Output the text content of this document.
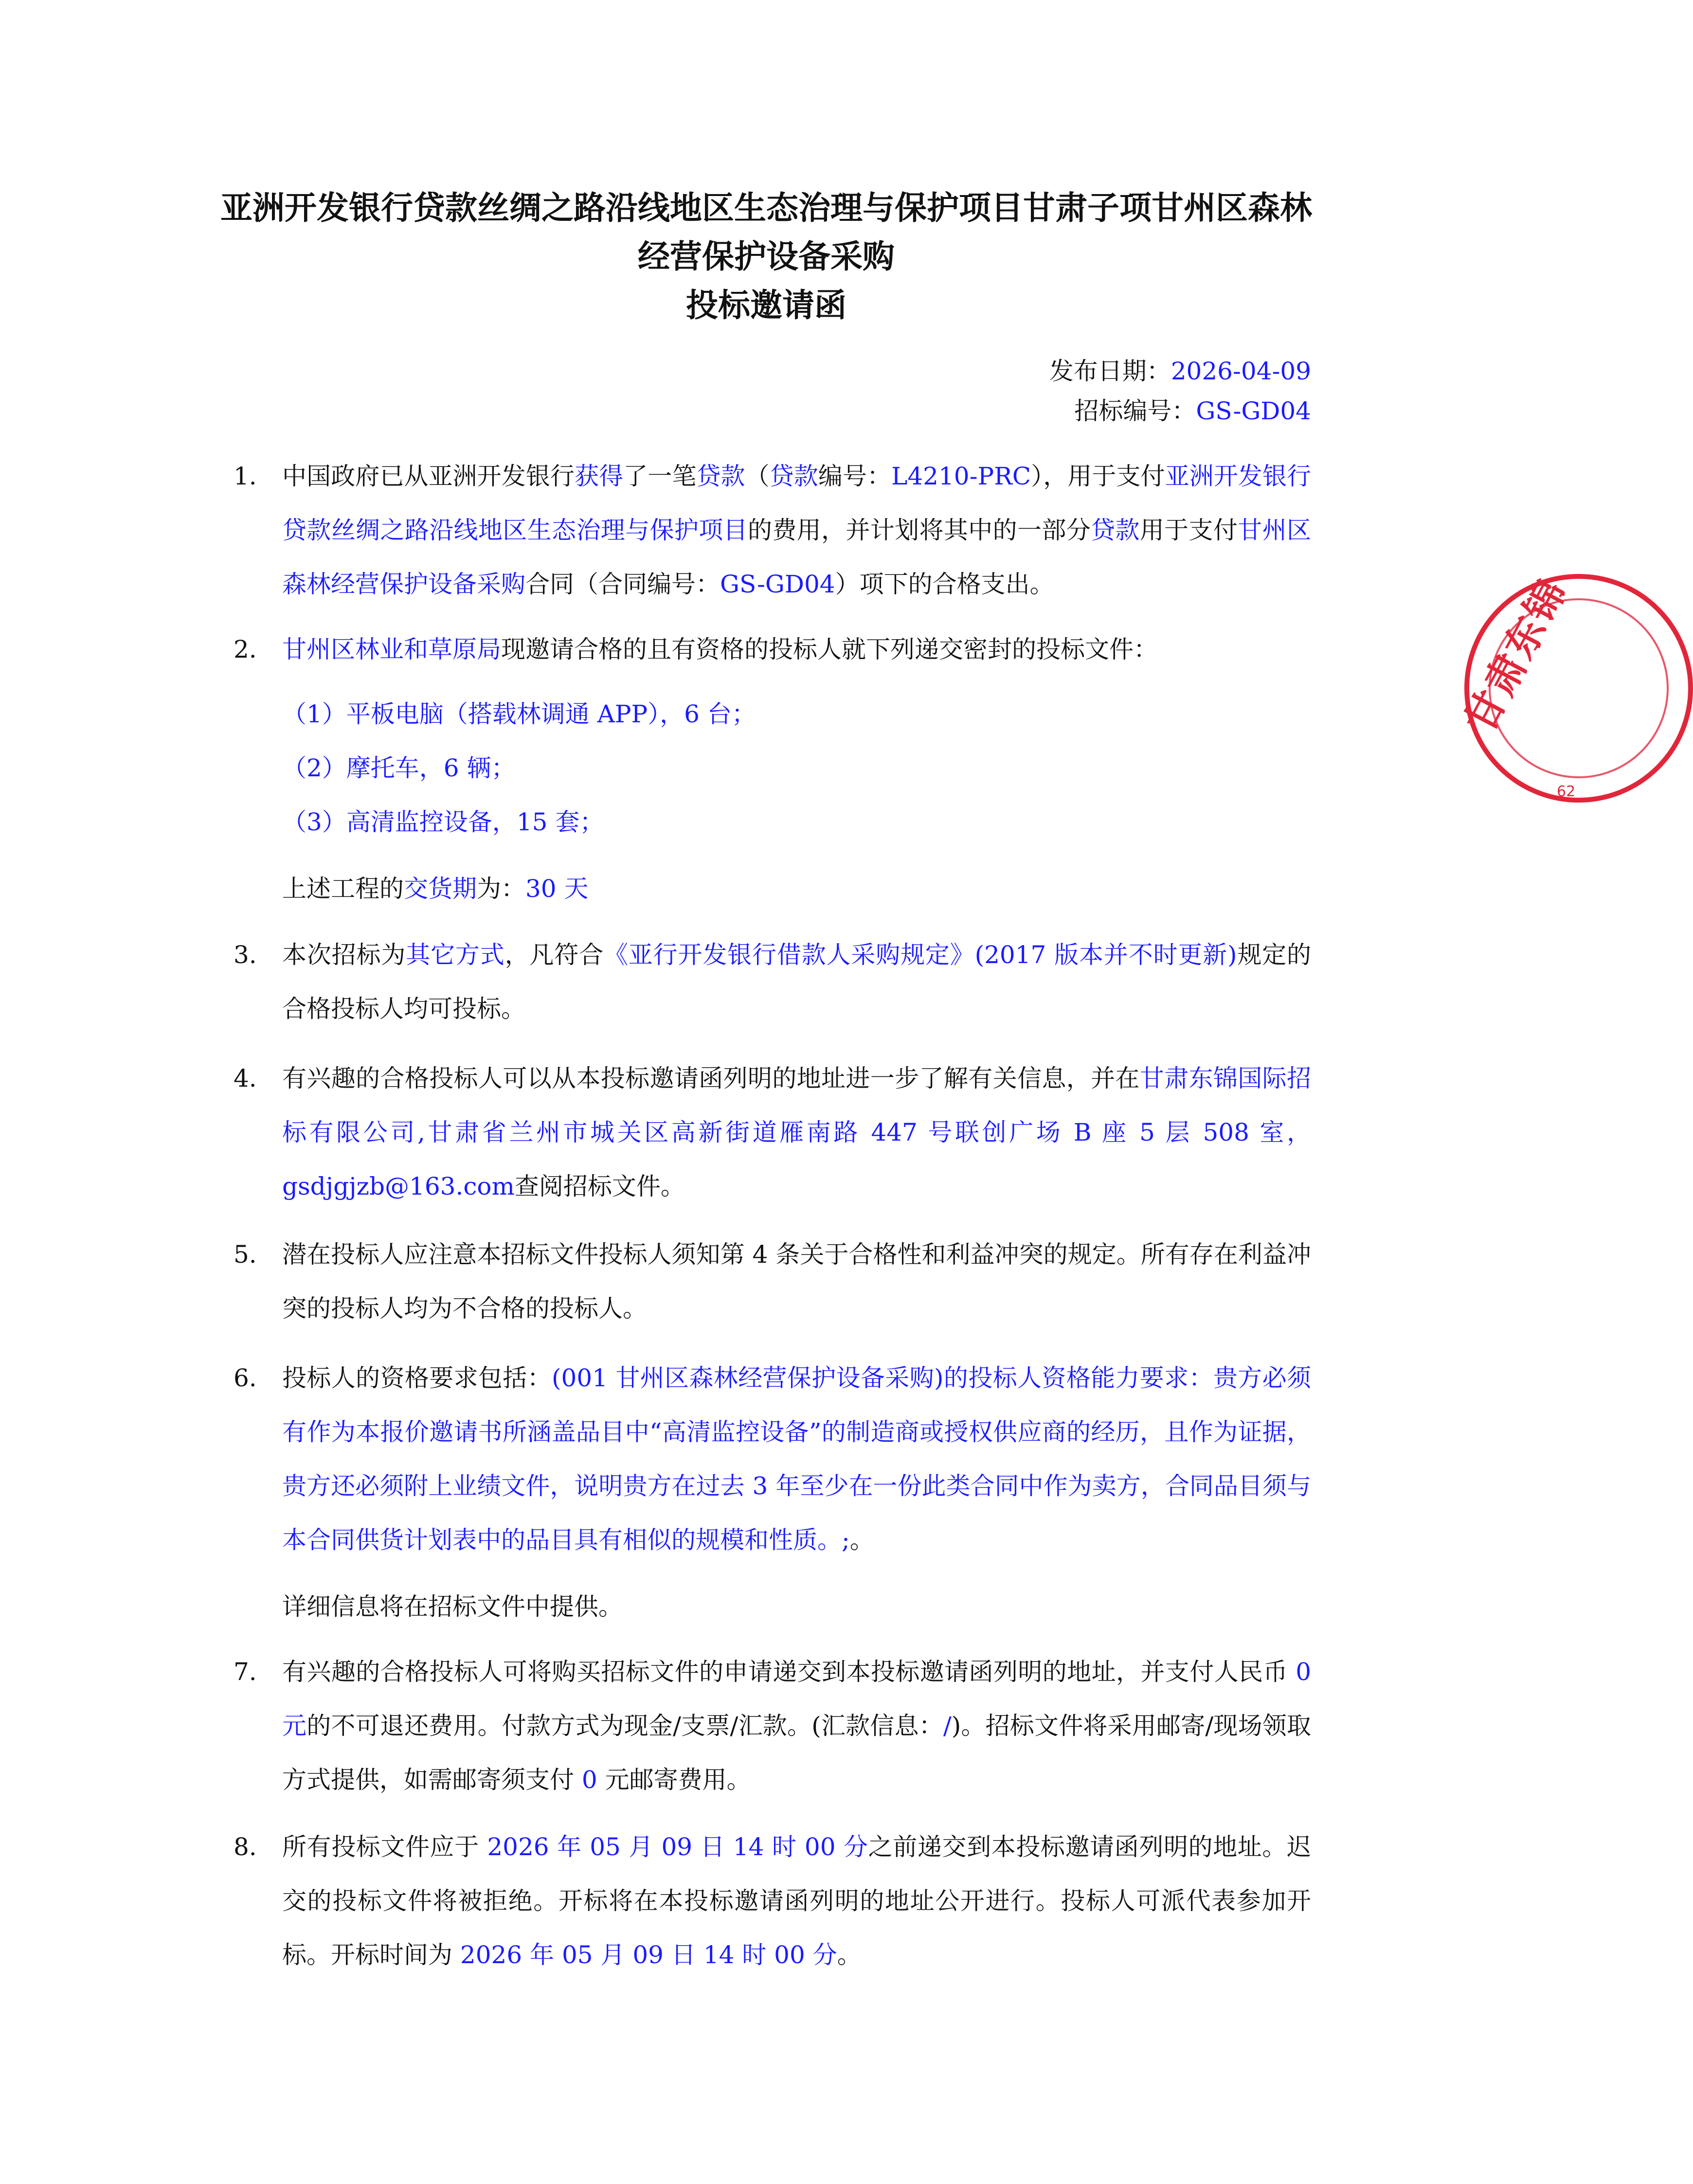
亚洲开发银行贷款丝绸之路沿线地区生态治理与保护项目甘肃子项甘州区森林
经营保护设备采购
投标邀请函
发布日期：2026-04-09
招标编号：GS-GD04
甘肃东锦
62
1.	中国政府已从亚洲开发银行获得了一笔贷款（贷款编号：L4210-PRC），用于支付亚洲开发银行贷款丝绸之路沿线地区生态治理与保护项目的费用，并计划将其中的一部分贷款用于支付甘州区森林经营保护设备采购合同（合同编号：GS-GD04）项下的合格支出。

2.	甘州区林业和草原局现邀请合格的且有资格的投标人就下列递交密封的投标文件：

（1）平板电脑（搭载林调通 APP），6 台；

（2）摩托车，6 辆；

（3）高清监控设备，15 套；

上述工程的交货期为：30 天

3.	本次招标为其它方式，凡符合《亚行开发银行借款人采购规定》(2017 版本并不时更新)规定的合格投标人均可投标。

4.	有兴趣的合格投标人可以从本投标邀请函列明的地址进一步了解有关信息，并在甘肃东锦国际招标有限公司,甘肃省兰州市城关区高新街道雁南路 447 号联创广场 B 座 5 层 508 室，gsdjgjzb@163.com查阅招标文件。

5.	潜在投标人应注意本招标文件投标人须知第 4 条关于合格性和利益冲突的规定。所有存在利益冲突的投标人均为不合格的投标人。

6.	投标人的资格要求包括：(001 甘州区森林经营保护设备采购)的投标人资格能力要求：贵方必须有作为本报价邀请书所涵盖品目中“高清监控设备”的制造商或授权供应商的经历，且作为证据，贵方还必须附上业绩文件，说明贵方在过去 3 年至少在一份此类合同中作为卖方，合同品目须与本合同供货计划表中的品目具有相似的规模和性质。;。

详细信息将在招标文件中提供。

7.	有兴趣的合格投标人可将购买招标文件的申请递交到本投标邀请函列明的地址，并支付人民币 0 元的不可退还费用。付款方式为现金/支票/汇款。(汇款信息：/)。招标文件将采用邮寄/现场领取方式提供，如需邮寄须支付 0 元邮寄费用。

8.	所有投标文件应于 2026 年 05 月 09 日 14 时 00 分之前递交到本投标邀请函列明的地址。迟交的投标文件将被拒绝。开标将在本投标邀请函列明的地址公开进行。投标人可派代表参加开标。开标时间为 2026 年 05 月 09 日 14 时 00 分。
